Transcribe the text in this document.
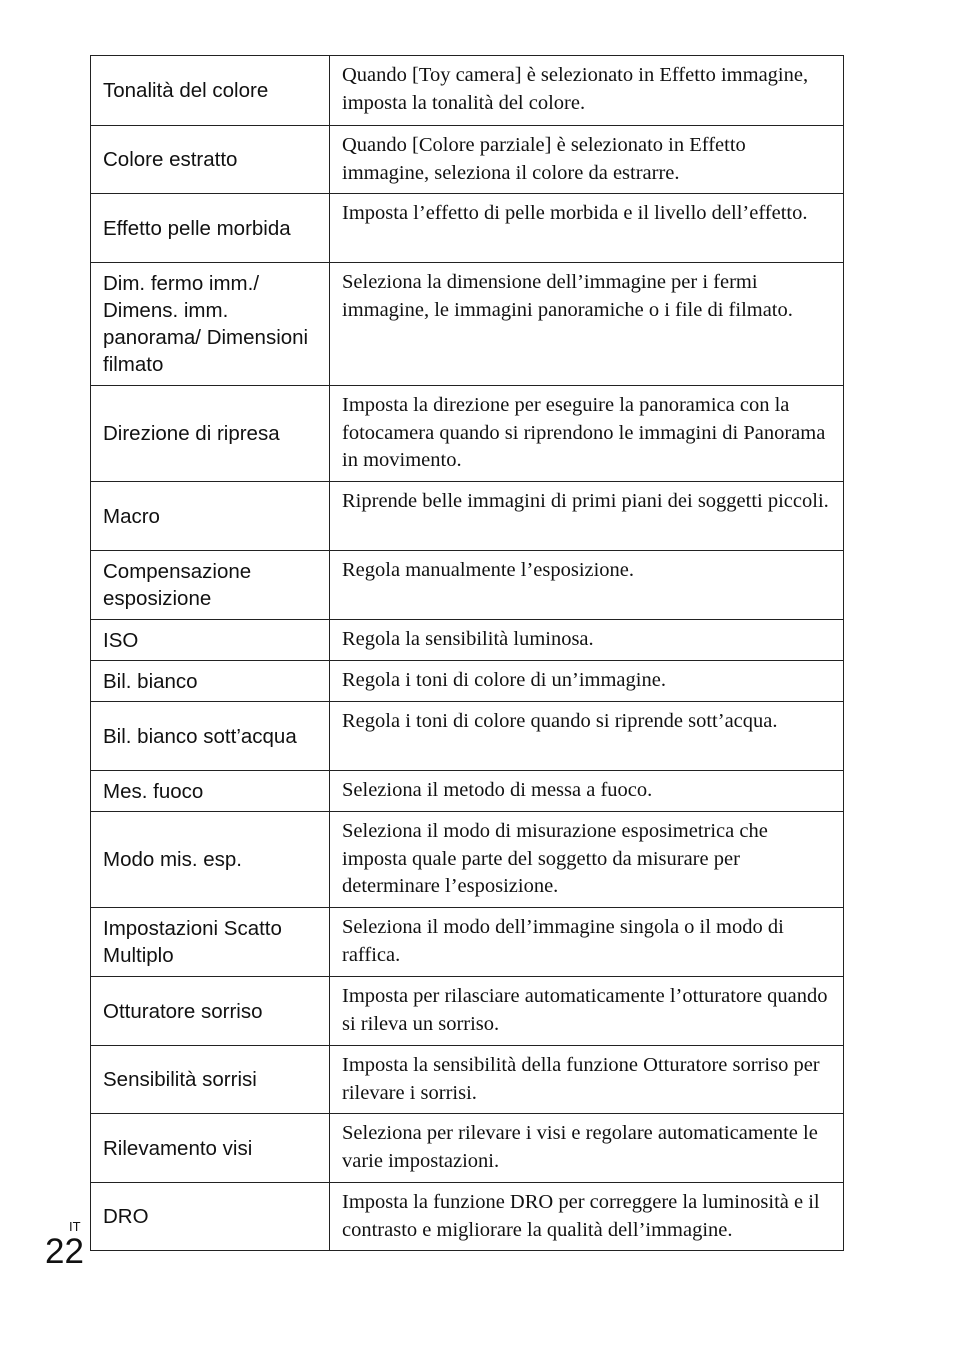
Tonalità del colore	Quando [Toy camera] è selezionato in Effetto immagine, imposta la tonalità del colore.
Colore estratto	Quando [Colore parziale] è selezionato in Effetto immagine, seleziona il colore da estrarre.
Effetto pelle morbida	Imposta l’effetto di pelle morbida e il livello dell’effetto.
Dim. fermo imm./ Dimens. imm. panorama/ Dimensioni filmato	Seleziona la dimensione dell’immagine per i fermi immagine, le immagini panoramiche o i file di filmato.
Direzione di ripresa	Imposta la direzione per eseguire la panoramica con la fotocamera quando si riprendono le immagini di Panorama in movimento.
Macro	Riprende belle immagini di primi piani dei soggetti piccoli.
Compensazione esposizione	Regola manualmente l’esposizione.
ISO	Regola la sensibilità luminosa.
Bil. bianco	Regola i toni di colore di un’immagine.
Bil. bianco sott’acqua	Regola i toni di colore quando si riprende sott’acqua.
Mes. fuoco	Seleziona il metodo di messa a fuoco.
Modo mis. esp.	Seleziona il modo di misurazione esposimetrica che imposta quale parte del soggetto da misurare per determinare l’esposizione.
Impostazioni Scatto Multiplo	Seleziona il modo dell’immagine singola o il modo di raffica.
Otturatore sorriso	Imposta per rilasciare automaticamente l’otturatore quando si rileva un sorriso.
Sensibilità sorrisi	Imposta la sensibilità della funzione Otturatore sorriso per rilevare i sorrisi.
Rilevamento visi	Seleziona per rilevare i visi e regolare automaticamente le varie impostazioni.
DRO	Imposta la funzione DRO per correggere la luminosità e il contrasto e migliorare la qualità dell’immagine.
IT
22
